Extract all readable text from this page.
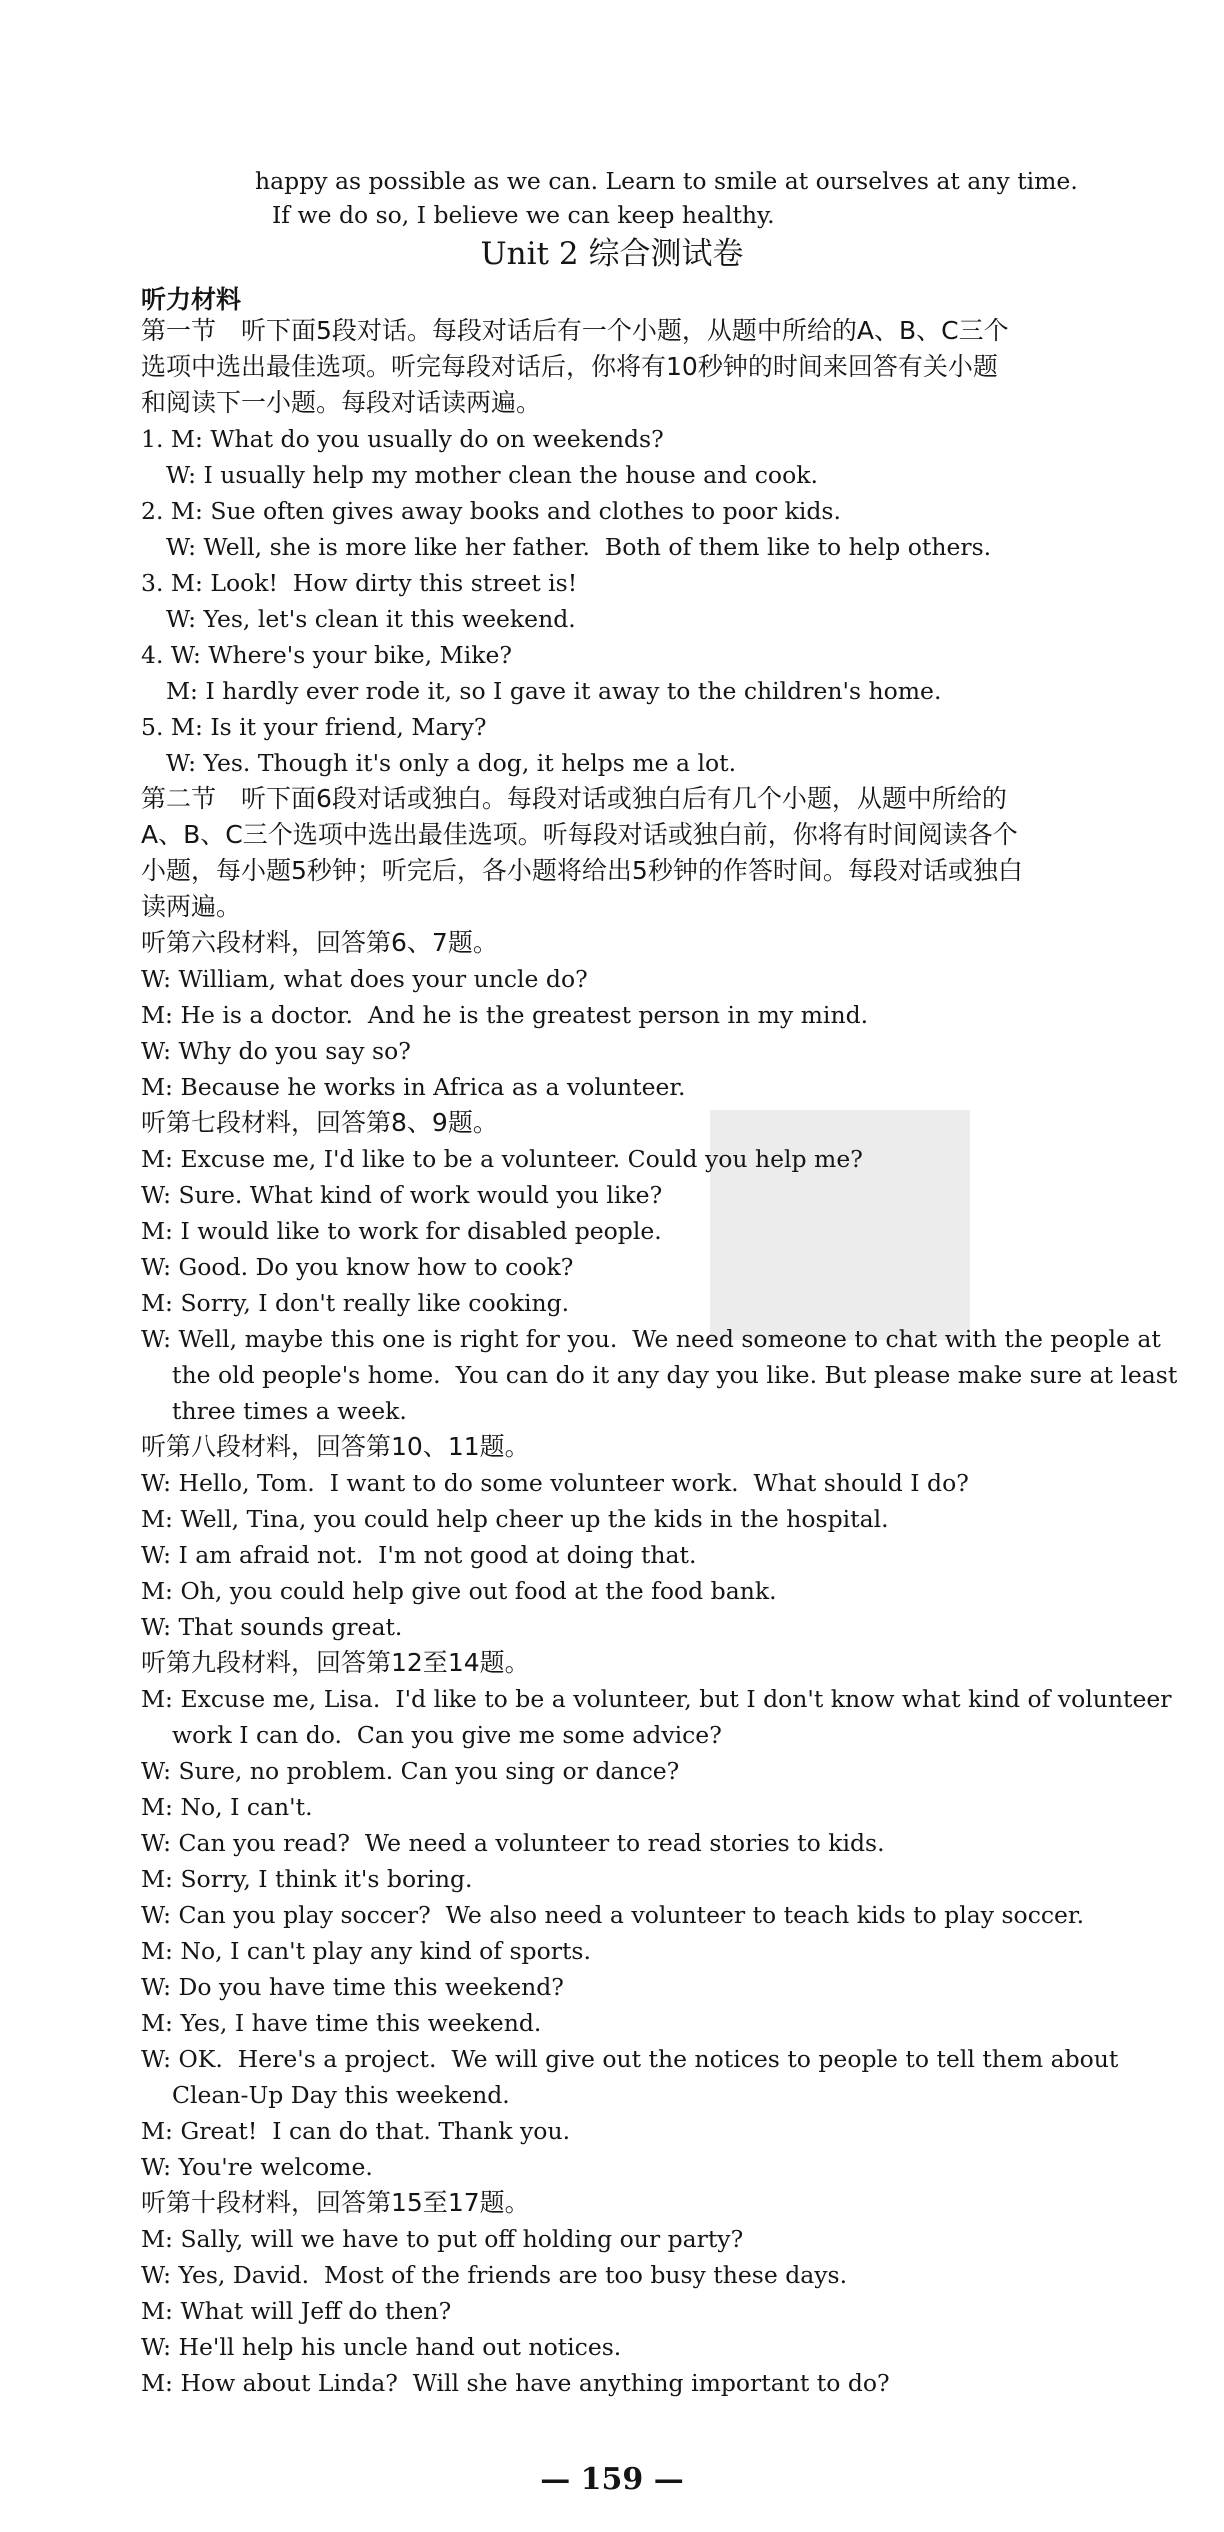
happy as possible as we can. Learn to smile at ourselves at any time.
If we do so, I believe we can keep healthy.
Unit 2 综合测试卷
听力材料
第一节　听下面5段对话。每段对话后有一个小题，从题中所给的A、B、C三个
选项中选出最佳选项。听完每段对话后，你将有10秒钟的时间来回答有关小题
和阅读下一小题。每段对话读两遍。
1. M: What do you usually do on weekends?
W: I usually help my mother clean the house and cook.
2. M: Sue often gives away books and clothes to poor kids.
W: Well, she is more like her father.  Both of them like to help others.
3. M: Look!  How dirty this street is!
W: Yes, let's clean it this weekend.
4. W: Where's your bike, Mike?
M: I hardly ever rode it, so I gave it away to the children's home.
5. M: Is it your friend, Mary?
W: Yes. Though it's only a dog, it helps me a lot.
第二节　听下面6段对话或独白。每段对话或独白后有几个小题，从题中所给的
A、B、C三个选项中选出最佳选项。听每段对话或独白前，你将有时间阅读各个
小题，每小题5秒钟；听完后，各小题将给出5秒钟的作答时间。每段对话或独白
读两遍。
听第六段材料，回答第6、7题。
W: William, what does your uncle do?
M: He is a doctor.  And he is the greatest person in my mind.
W: Why do you say so?
M: Because he works in Africa as a volunteer.
听第七段材料，回答第8、9题。
M: Excuse me, I'd like to be a volunteer. Could you help me?
W: Sure. What kind of work would you like?
M: I would like to work for disabled people.
W: Good. Do you know how to cook?
M: Sorry, I don't really like cooking.
W: Well, maybe this one is right for you.  We need someone to chat with the people at
the old people's home.  You can do it any day you like. But please make sure at least
three times a week.
听第八段材料，回答第10、11题。
W: Hello, Tom.  I want to do some volunteer work.  What should I do?
M: Well, Tina, you could help cheer up the kids in the hospital.
W: I am afraid not.  I'm not good at doing that.
M: Oh, you could help give out food at the food bank.
W: That sounds great.
听第九段材料，回答第12至14题。
M: Excuse me, Lisa.  I'd like to be a volunteer, but I don't know what kind of volunteer
work I can do.  Can you give me some advice?
W: Sure, no problem. Can you sing or dance?
M: No, I can't.
W: Can you read?  We need a volunteer to read stories to kids.
M: Sorry, I think it's boring.
W: Can you play soccer?  We also need a volunteer to teach kids to play soccer.
M: No, I can't play any kind of sports.
W: Do you have time this weekend?
M: Yes, I have time this weekend.
W: OK.  Here's a project.  We will give out the notices to people to tell them about
Clean-Up Day this weekend.
M: Great!  I can do that. Thank you.
W: You're welcome.
听第十段材料，回答第15至17题。
M: Sally, will we have to put off holding our party?
W: Yes, David.  Most of the friends are too busy these days.
M: What will Jeff do then?
W: He'll help his uncle hand out notices.
M: How about Linda?  Will she have anything important to do?
— 159 —
